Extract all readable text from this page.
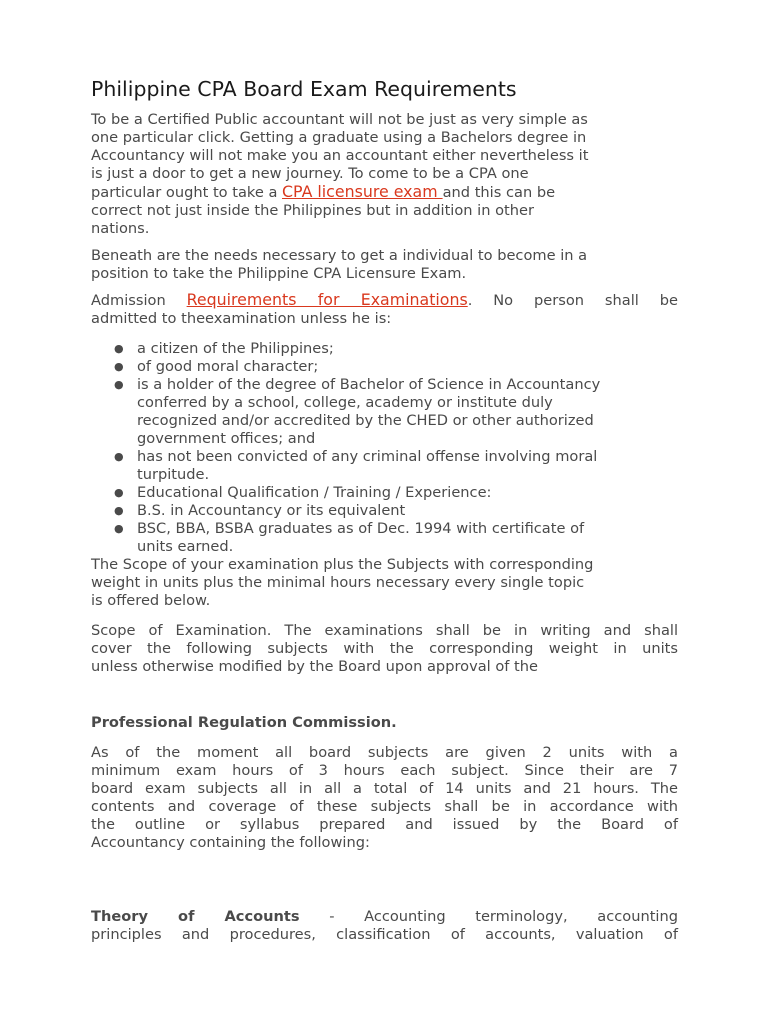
Philippine CPA Board Exam Requirements

To be a Certified Public accountant will not be just as very simple as

one particular click. Getting a graduate using a Bachelors degree in

Accountancy will not make you an accountant either nevertheless it

is just a door to get a new journey. To come to be a CPA one

particular ought to take a CPA licensure exam and this can be

correct not just inside the Philippines but in addition in other

nations.

Beneath are the needs necessary to get a individual to become in a

position to take the Philippine CPA Licensure Exam.

Admission Requirements for Examinations. No person shall be

admitted to theexamination unless he is:

● a citizen of the Philippines;
● of good moral character;
● is a holder of the degree of Bachelor of Science in Accountancy
conferred by a school, college, academy or institute duly
recognized and/or accredited by the CHED or other authorized
government offices; and
● has not been convicted of any criminal offense involving moral
turpitude.
● Educational Qualification / Training / Experience:
● B.S. in Accountancy or its equivalent
● BSC, BBA, BSBA graduates as of Dec. 1994 with certificate of
units earned.

The Scope of your examination plus the Subjects with corresponding

weight in units plus the minimal hours necessary every single topic

is offered below.

Scope of Examination. The examinations shall be in writing and shall

cover the following subjects with the corresponding weight in units

unless otherwise modified by the Board upon approval of the

Professional Regulation Commission.

As of the moment all board subjects are given 2 units with a

minimum exam hours of 3 hours each subject. Since their are 7

board exam subjects all in all a total of 14 units and 21 hours. The

contents and coverage of these subjects shall be in accordance with

the outline or syllabus prepared and issued by the Board of

Accountancy containing the following:

Theory of Accounts - Accounting terminology, accounting

principles and procedures, classification of accounts, valuation of
